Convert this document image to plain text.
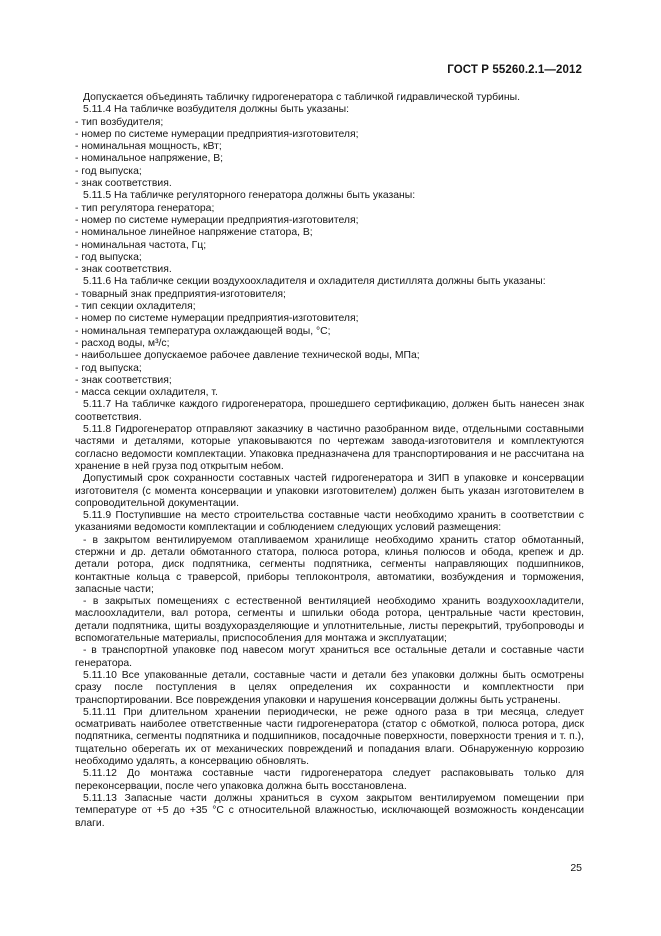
ГОСТ Р 55260.2.1—2012

Допускается объединять табличку гидрогенератора с табличкой гидравлической турбины.

5.11.4 На табличке возбудителя должны быть указаны:

- тип возбудителя;

- номер по системе нумерации предприятия-изготовителя;

- номинальная мощность, кВт;

- номинальное напряжение, В;

- год выпуска;

- знак соответствия.

5.11.5 На табличке регуляторного генератора должны быть указаны:

- тип регулятора генератора;

- номер по системе нумерации предприятия-изготовителя;

- номинальное линейное напряжение статора, В;

- номинальная частота, Гц;

- год выпуска;

- знак соответствия.

5.11.6 На табличке секции воздухоохладителя и охладителя дистиллята должны быть указаны:

- товарный знак предприятия-изготовителя;

- тип секции охладителя;

- номер по системе нумерации предприятия-изготовителя;

- номинальная температура охлаждающей воды, °С;

- расход воды, м³/с;

- наибольшее допускаемое рабочее давление технической воды, МПа;

- год выпуска;

- знак соответствия;

- масса секции охладителя, т.

5.11.7 На табличке каждого гидрогенератора, прошедшего сертификацию, должен быть нанесен знак соответствия.

5.11.8 Гидрогенератор отправляют заказчику в частично разобранном виде, отдельными составными частями и деталями, которые упаковываются по чертежам завода-изготовителя и комплектуются согласно ведомости комплектации. Упаковка предназначена для транспортирования и не рассчитана на хранение в ней груза под открытым небом.

Допустимый срок сохранности составных частей гидрогенератора и ЗИП в упаковке и консервации изготовителя (с момента консервации и упаковки изготовителем) должен быть указан изготовителем в сопроводительной документации.

5.11.9 Поступившие на место строительства составные части необходимо хранить в соответствии с указаниями ведомости комплектации и соблюдением следующих условий размещения:

- в закрытом вентилируемом отапливаемом хранилище необходимо хранить статор обмотанный, стержни и др. детали обмотанного статора, полюса ротора, клинья полюсов и обода, крепеж и др. детали ротора, диск подпятника, сегменты подпятника, сегменты направляющих подшипников, контактные кольца с траверсой, приборы теплоконтроля, автоматики, возбуждения и торможения, запасные части;

- в закрытых помещениях с естественной вентиляцией необходимо хранить воздухоохладители, маслоохладители, вал ротора, сегменты и шпильки обода ротора, центральные части крестовин, детали подпятника, щиты воздухоразделяющие и уплотнительные, листы перекрытий, трубопроводы и вспомогательные материалы, приспособления для монтажа и эксплуатации;

- в транспортной упаковке под навесом могут храниться все остальные детали и составные части генератора.

5.11.10 Все упакованные детали, составные части и детали без упаковки должны быть осмотрены сразу после поступления в целях определения их сохранности и комплектности при транспортировании. Все повреждения упаковки и нарушения консервации должны быть устранены.

5.11.11 При длительном хранении периодически, не реже одного раза в три месяца, следует осматривать наиболее ответственные части гидрогенератора (статор с обмоткой, полюса ротора, диск подпятника, сегменты подпятника и подшипников, посадочные поверхности, поверхности трения и т. п.), тщательно оберегать их от механических повреждений и попадания влаги. Обнаруженную коррозию необходимо удалять, а консервацию обновлять.

5.11.12 До монтажа составные части гидрогенератора следует распаковывать только для переконсервации, после чего упаковка должна быть восстановлена.

5.11.13 Запасные части должны храниться в сухом закрытом вентилируемом помещении при температуре от +5 до +35 °С с относительной влажностью, исключающей возможность конденсации влаги.

25
